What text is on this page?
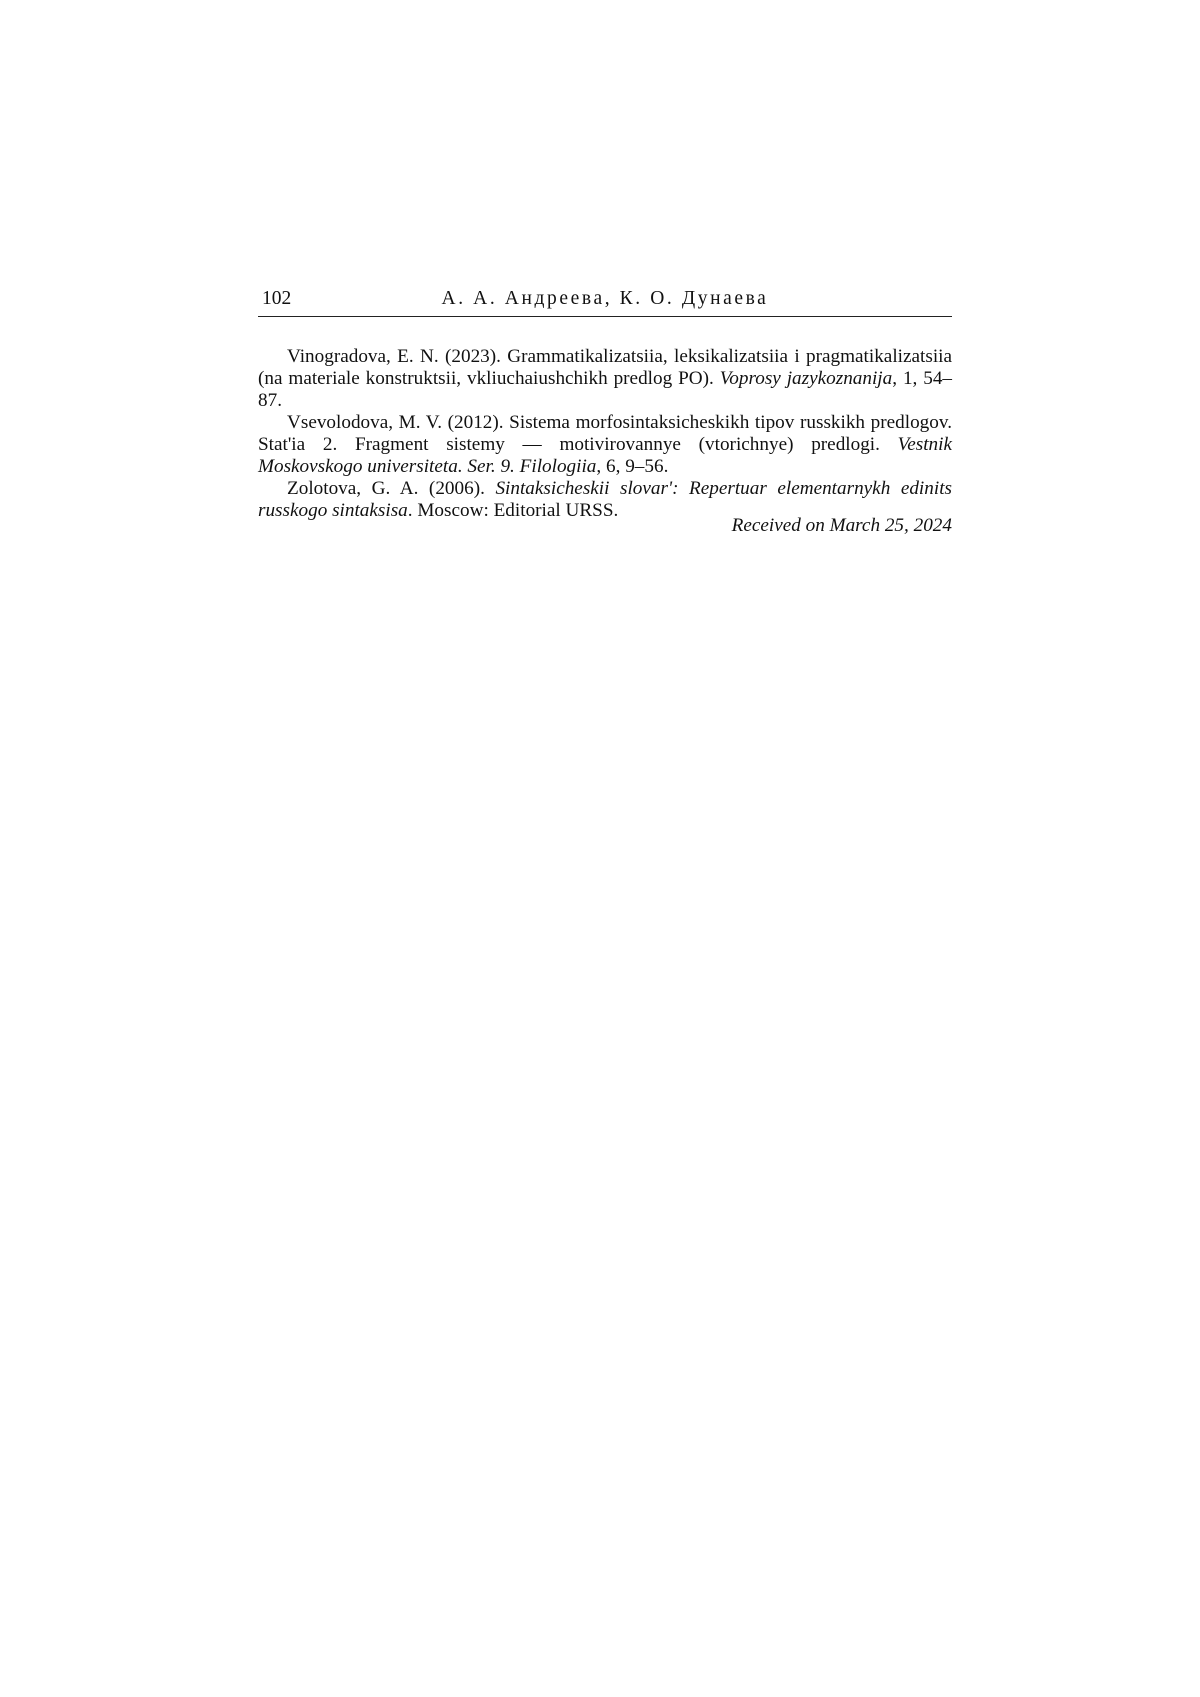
102	А. А. Андреева, К. О. Дунаева

Vinogradova, E. N. (2023). Grammatikalizatsiia, leksikalizatsiia i pragmatikalizatsiia (na materiale konstruktsii, vkliuchaiushchikh predlog PO). Voprosy jazykoznanija, 1, 54–87.

Vsevolodova, M. V. (2012). Sistema morfosintaksicheskikh tipov russkikh predlogov. Stat'ia 2. Fragment sistemy — motivirovannye (vtorichnye) predlogi. Vestnik Moskovskogo universiteta. Ser. 9. Filologiia, 6, 9–56.

Zolotova, G. A. (2006). Sintaksicheskii slovar': Repertuar elementarnykh edinits russkogo sintaksisa. Moscow: Editorial URSS.

Received on March 25, 2024
